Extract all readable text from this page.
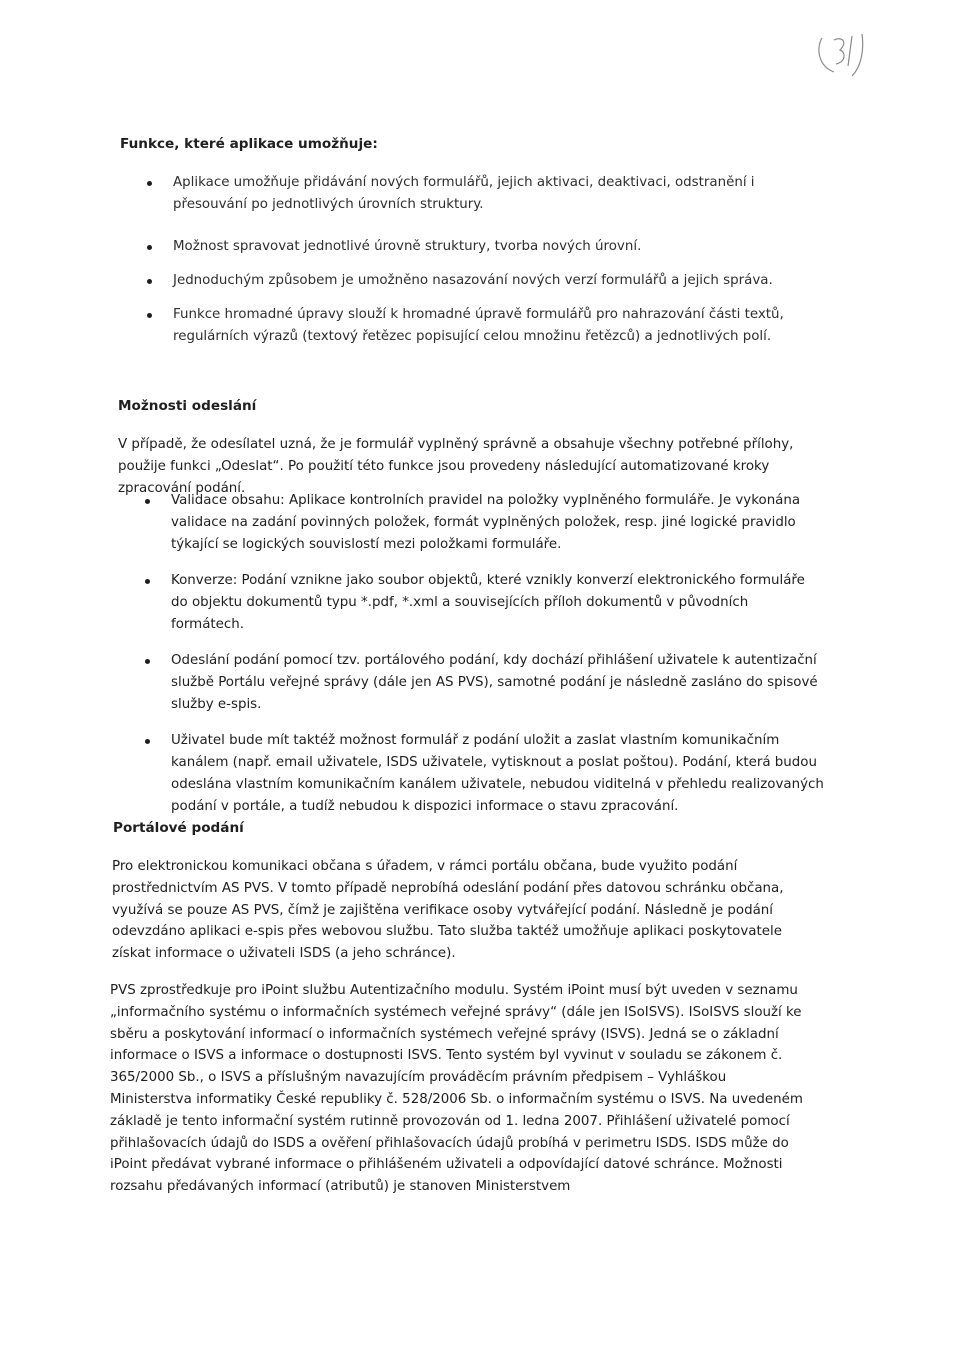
Funkce, které aplikace umožňuje:
Aplikace umožňuje přidávání nových formulářů, jejich aktivaci, deaktivaci, odstranění i přesouvání po jednotlivých úrovních struktury.
Možnost spravovat jednotlivé úrovně struktury, tvorba nových úrovní.
Jednoduchým způsobem je umožněno nasazování nových verzí formulářů a jejich správa.
Funkce hromadné úpravy slouží k hromadné úpravě formulářů pro nahrazování části textů, regulárních výrazů (textový řetězec popisující celou množinu řetězců) a jednotlivých polí.
Možnosti odeslání

V případě, že odesílatel uzná, že je formulář vyplněný správně a obsahuje všechny potřebné přílohy, použije funkci „Odeslat“. Po použití této funkce jsou provedeny následující automatizované kroky zpracování podání.

Validace obsahu: Aplikace kontrolních pravidel na položky vyplněného formuláře. Je vykonána validace na zadání povinných položek, formát vyplněných položek, resp. jiné logické pravidlo týkající se logických souvislostí mezi položkami formuláře.
Konverze: Podání vznikne jako soubor objektů, které vznikly konverzí elektronického formuláře do objektu dokumentů typu *.pdf, *.xml a souvisejících příloh dokumentů v původních formátech.
Odeslání podání pomocí tzv. portálového podání, kdy dochází přihlášení uživatele k autentizační službě Portálu veřejné správy (dále jen AS PVS), samotné podání je následně zasláno do spisové služby e-spis.
Uživatel bude mít taktéž možnost formulář z podání uložit a zaslat vlastním komunikačním kanálem (např. email uživatele, ISDS uživatele, vytisknout a poslat poštou). Podání, která budou odeslána vlastním komunikačním kanálem uživatele, nebudou viditelná v přehledu realizovaných podání v portále, a tudíž nebudou k dispozici informace o stavu zpracování.
Portálové podání

Pro elektronickou komunikaci občana s úřadem, v rámci portálu občana, bude využito podání prostřednictvím AS PVS. V tomto případě neprobíhá odeslání podání přes datovou schránku občana, využívá se pouze AS PVS, čímž je zajištěna verifikace osoby vytvářející podání. Následně je podání odevzdáno aplikaci e-spis přes webovou službu. Tato služba taktéž umožňuje aplikaci poskytovatele získat informace o uživateli ISDS (a jeho schránce).

PVS zprostředkuje pro iPoint službu Autentizačního modulu. Systém iPoint musí být uveden v seznamu „informačního systému o informačních systémech veřejné správy“ (dále jen ISoISVS). ISoISVS slouží ke sběru a poskytování informací o informačních systémech veřejné správy (ISVS). Jedná se o základní informace o ISVS a informace o dostupnosti ISVS. Tento systém byl vyvinut v souladu se zákonem č. 365/2000 Sb., o ISVS a příslušným navazujícím prováděcím právním předpisem – Vyhláškou Ministerstva informatiky České republiky č. 528/2006 Sb. o informačním systému o ISVS. Na uvedeném základě je tento informační systém rutinně provozován od 1. ledna 2007. Přihlášení uživatelé pomocí přihlašovacích údajů do ISDS a ověření přihlašovacích údajů probíhá v perimetru ISDS. ISDS může do iPoint předávat vybrané informace o přihlášeném uživateli a odpovídající datové schránce. Možnosti rozsahu předávaných informací (atributů) je stanoven Ministerstvem
